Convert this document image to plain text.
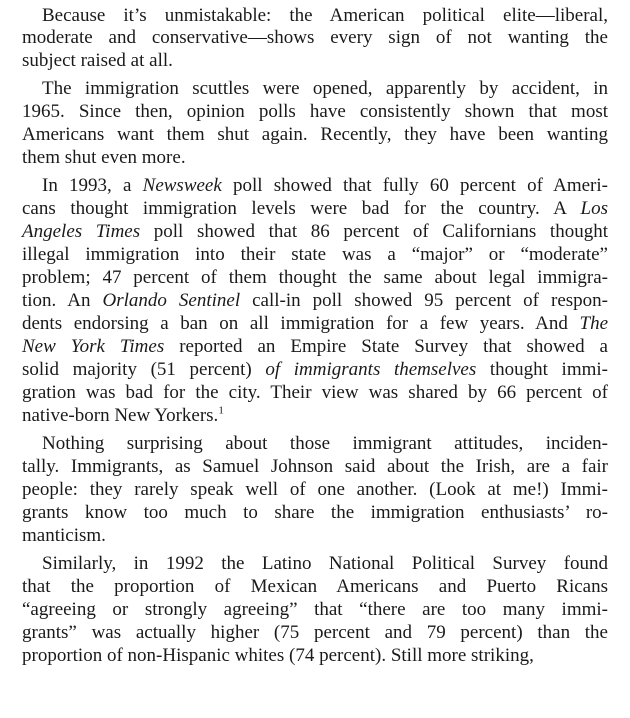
Because it’s unmistakable: the American political elite—liberal,
moderate and conservative—shows every sign of not wanting the
subject raised at all.
The immigration scuttles were opened, apparently by accident, in
1965. Since then, opinion polls have consistently shown that most
Americans want them shut again. Recently, they have been wanting
them shut even more.
In 1993, a Newsweek poll showed that fully 60 percent of Ameri-
cans thought immigration levels were bad for the country. A Los
Angeles Times poll showed that 86 percent of Californians thought
illegal immigration into their state was a “major” or “moderate”
problem; 47 percent of them thought the same about legal immigra-
tion. An Orlando Sentinel call-in poll showed 95 percent of respon-
dents endorsing a ban on all immigration for a few years. And The
New York Times reported an Empire State Survey that showed a
solid majority (51 percent) of immigrants themselves thought immi-
gration was bad for the city. Their view was shared by 66 percent of
native-born New Yorkers.$^1$
Nothing surprising about those immigrant attitudes, inciden-
tally. Immigrants, as Samuel Johnson said about the Irish, are a fair
people: they rarely speak well of one another. (Look at me!) Immi-
grants know too much to share the immigration enthusiasts’ ro-
manticism.
Similarly, in 1992 the Latino National Political Survey found
that the proportion of Mexican Americans and Puerto Ricans
“agreeing or strongly agreeing” that “there are too many immi-
grants” was actually higher (75 percent and 79 percent) than the
proportion of non-Hispanic whites (74 percent). Still more striking,
